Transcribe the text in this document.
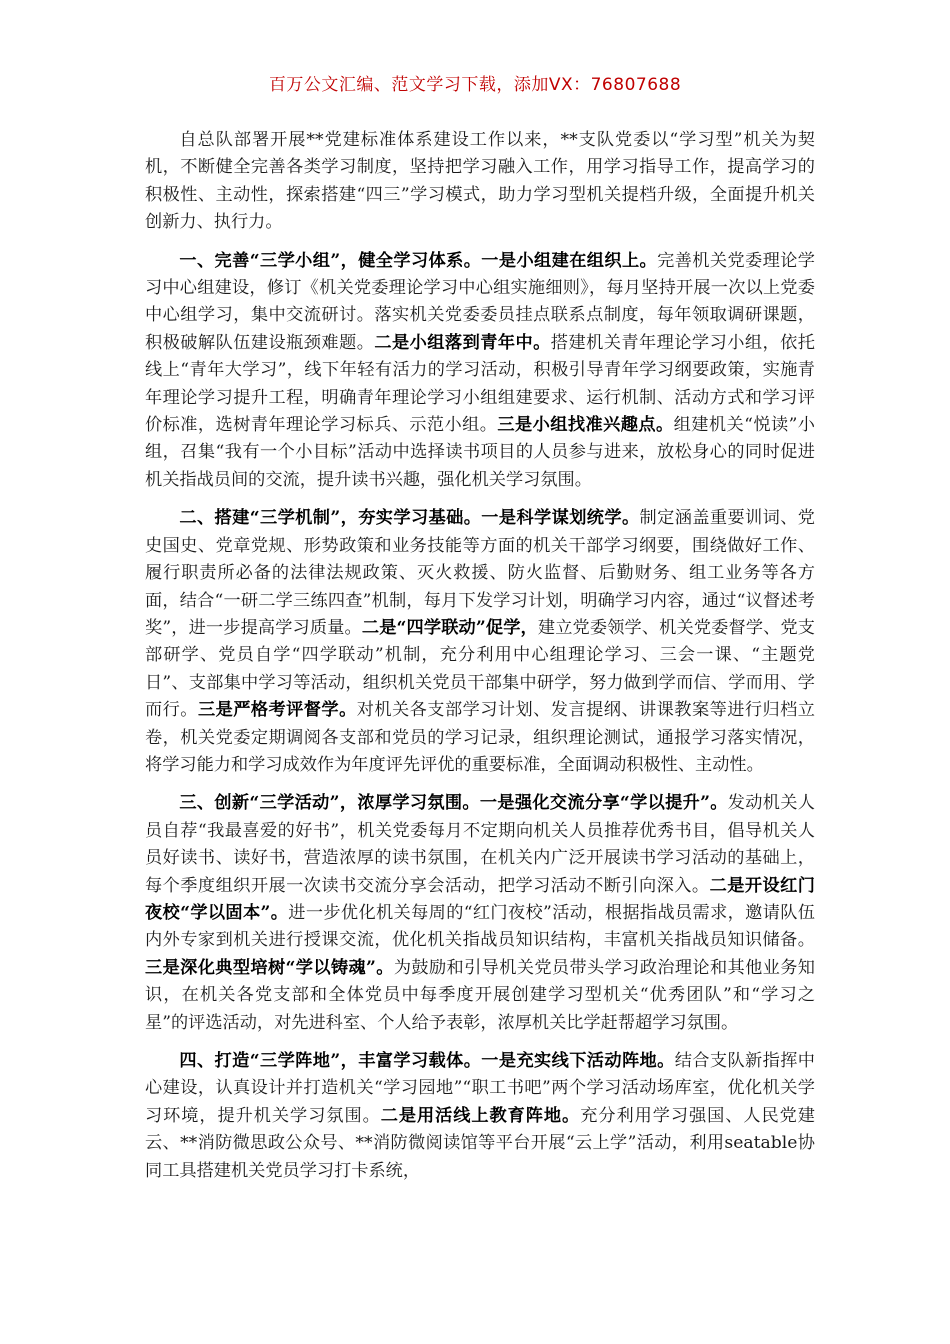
百万公文汇编、范文学习下载，添加VX：76807688

自总队部署开展**党建标准体系建设工作以来，**支队党委以“学习型”机关为契机，不断健全完善各类学习制度，坚持把学习融入工作，用学习指导工作，提高学习的积极性、主动性，探索搭建“四三”学习模式，助力学习型机关提档升级，全面提升机关创新力、执行力。

一、完善“三学小组”，健全学习体系。一是小组建在组织上。完善机关党委理论学习中心组建设，修订《机关党委理论学习中心组实施细则》，每月坚持开展一次以上党委中心组学习，集中交流研讨。落实机关党委委员挂点联系点制度，每年领取调研课题，积极破解队伍建设瓶颈难题。二是小组落到青年中。搭建机关青年理论学习小组，依托线上“青年大学习”，线下年轻有活力的学习活动，积极引导青年学习纲要政策，实施青年理论学习提升工程，明确青年理论学习小组组建要求、运行机制、活动方式和学习评价标准，选树青年理论学习标兵、示范小组。三是小组找准兴趣点。组建机关“悦读”小组，召集“我有一个小目标”活动中选择读书项目的人员参与进来，放松身心的同时促进机关指战员间的交流，提升读书兴趣，强化机关学习氛围。

二、搭建“三学机制”，夯实学习基础。一是科学谋划统学。制定涵盖重要训词、党史国史、党章党规、形势政策和业务技能等方面的机关干部学习纲要，围绕做好工作、履行职责所必备的法律法规政策、灭火救援、防火监督、后勤财务、组工业务等各方面，结合“一研二学三练四查”机制，每月下发学习计划，明确学习内容，通过“议督述考奖”，进一步提高学习质量。二是“四学联动”促学，建立党委领学、机关党委督学、党支部研学、党员自学“四学联动”机制，充分利用中心组理论学习、三会一课、“主题党日”、支部集中学习等活动，组织机关党员干部集中研学，努力做到学而信、学而用、学而行。三是严格考评督学。对机关各支部学习计划、发言提纲、讲课教案等进行归档立卷，机关党委定期调阅各支部和党员的学习记录，组织理论测试，通报学习落实情况，将学习能力和学习成效作为年度评先评优的重要标准，全面调动积极性、主动性。

三、创新“三学活动”，浓厚学习氛围。一是强化交流分享“学以提升”。发动机关人员自荐“我最喜爱的好书”，机关党委每月不定期向机关人员推荐优秀书目，倡导机关人员好读书、读好书，营造浓厚的读书氛围，在机关内广泛开展读书学习活动的基础上，每个季度组织开展一次读书交流分享会活动，把学习活动不断引向深入。二是开设红门夜校“学以固本”。进一步优化机关每周的“红门夜校”活动，根据指战员需求，邀请队伍内外专家到机关进行授课交流，优化机关指战员知识结构，丰富机关指战员知识储备。三是深化典型培树“学以铸魂”。为鼓励和引导机关党员带头学习政治理论和其他业务知识，在机关各党支部和全体党员中每季度开展创建学习型机关“优秀团队”和“学习之星”的评选活动，对先进科室、个人给予表彰，浓厚机关比学赶帮超学习氛围。

四、打造“三学阵地”，丰富学习载体。一是充实线下活动阵地。结合支队新指挥中心建设，认真设计并打造机关“学习园地”“职工书吧”两个学习活动场库室，优化机关学习环境，提升机关学习氛围。二是用活线上教育阵地。充分利用学习强国、人民党建云、**消防微思政公众号、**消防微阅读馆等平台开展“云上学”活动，利用seatable协同工具搭建机关党员学习打卡系统，
